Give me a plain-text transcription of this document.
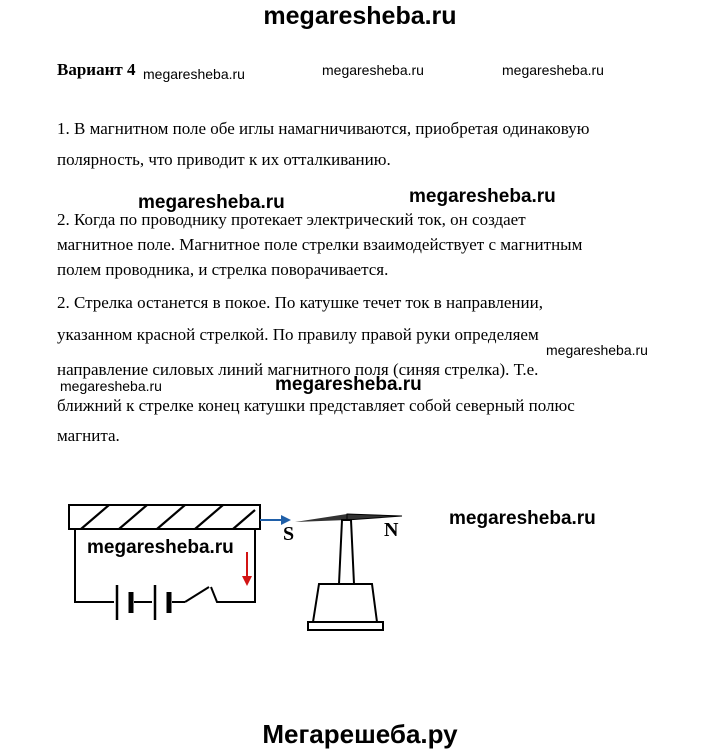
megaresheba.ru
Вариант 4 megaresheba.ru	megaresheba.ru	megaresheba.ru
megaresheba.ru
megaresheba.ru
megaresheba.ru	megaresheba.ru
megaresheba.ru
megaresheba.ru
1. В магнитном поле обе иглы намагничиваются, приобретая одинаковую
полярность, что приводит к их отталкиванию.
2. Когда по проводнику протекает электрический ток, он создает
магнитное поле. Магнитное поле стрелки взаимодействует с магнитным
полем проводника, и стрелка поворачивается.
2. Стрелка останется в покое. По катушке течет ток в направлении,
указанном красной стрелкой. По правилу правой руки определяем
направление силовых линий магнитного поля (синяя стрелка). Т.е.
ближний к стрелке конец катушки представляет собой северный полюс
магнита.
S	N
megaresheba.ru
Мегарешеба.ру
